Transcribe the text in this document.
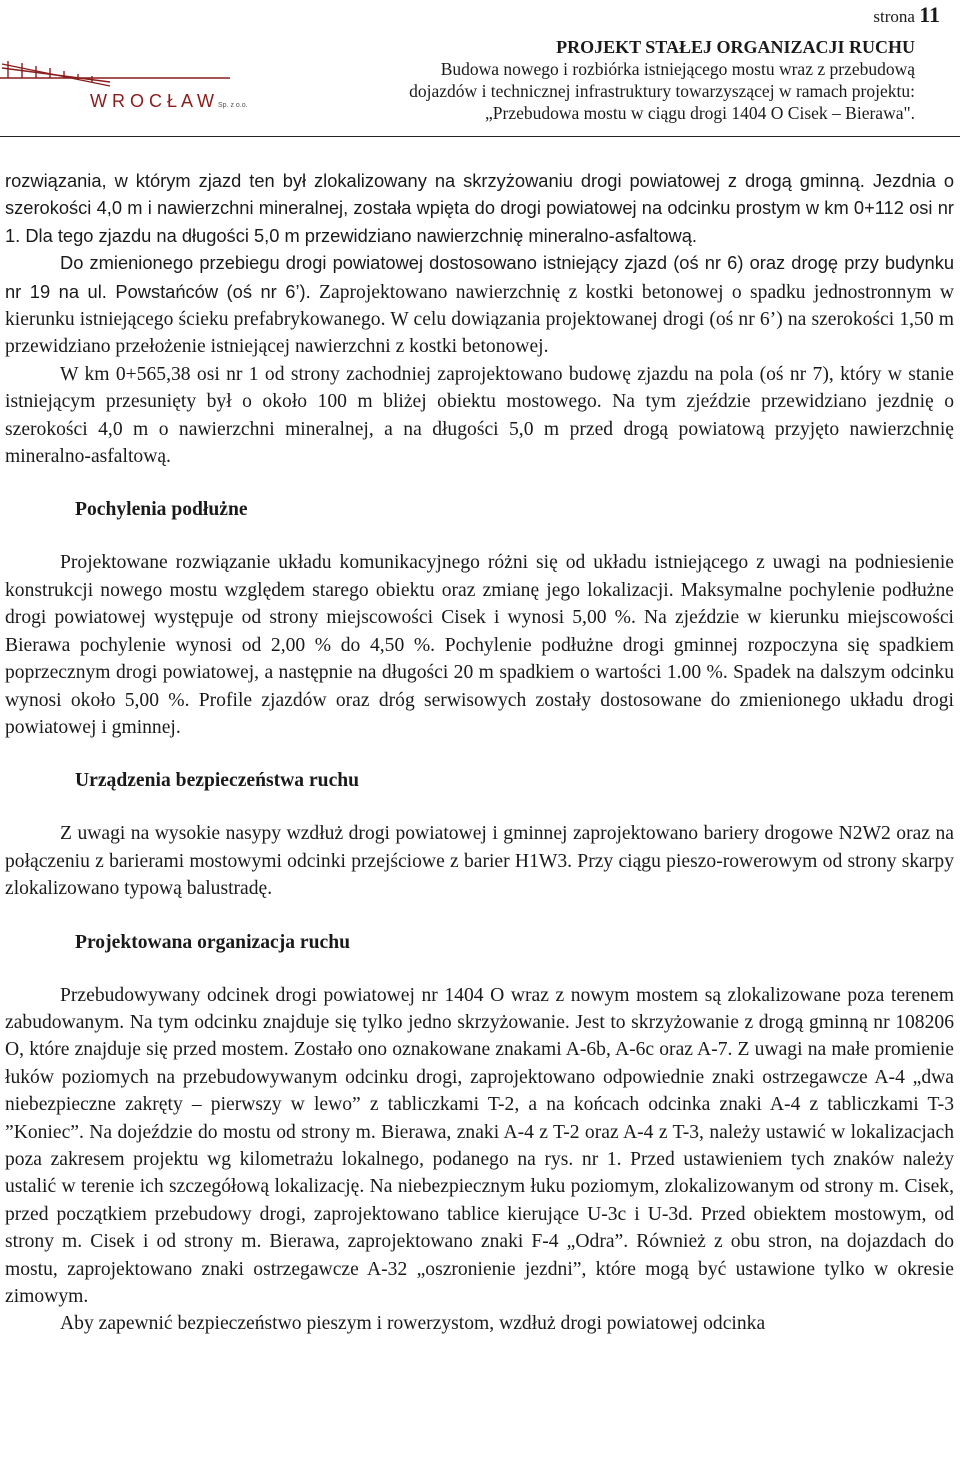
strona 11
W R O C Ł A W Sp. z o.o.
PROJEKT STAŁEJ ORGANIZACJI RUCHU
Budowa nowego i rozbiórka istniejącego mostu wraz z przebudową
dojazdów i technicznej infrastruktury towarzyszącej w ramach projektu:
„Przebudowa mostu w ciągu drogi 1404 O Cisek – Bierawa".

rozwiązania, w którym zjazd ten był zlokalizowany na skrzyżowaniu drogi powiatowej z drogą gminną. Jezdnia o szerokości 4,0 m i nawierzchni mineralnej, została wpięta do drogi powiatowej na odcinku prostym w km 0+112 osi nr 1. Dla tego zjazdu na długości 5,0 m przewidziano nawierzchnię mineralno-asfaltową.

Do zmienionego przebiegu drogi powiatowej dostosowano istniejący zjazd (oś nr 6) oraz drogę przy budynku nr 19 na ul. Powstańców (oś nr 6’). Zaprojektowano nawierzchnię z kostki betonowej o spadku jednostronnym w kierunku istniejącego ścieku prefabrykowanego. W celu dowiązania projektowanej drogi (oś nr 6’) na szerokości 1,50 m przewidziano przełożenie istniejącej nawierzchni z kostki betonowej.

W km 0+565,38 osi nr 1 od strony zachodniej zaprojektowano budowę zjazdu na pola (oś nr 7), który w stanie istniejącym przesunięty był o około 100 m bliżej obiektu mostowego. Na tym zjeździe przewidziano jezdnię o szerokości 4,0 m o nawierzchni mineralnej, a na długości 5,0 m przed drogą powiatową przyjęto nawierzchnię mineralno-asfaltową.

Pochylenia podłużne

Projektowane rozwiązanie układu komunikacyjnego różni się od układu istniejącego z uwagi na podniesienie konstrukcji nowego mostu względem starego obiektu oraz zmianę jego lokalizacji. Maksymalne pochylenie podłużne drogi powiatowej występuje od strony miejscowości Cisek i wynosi 5,00 %. Na zjeździe w kierunku miejscowości Bierawa pochylenie wynosi od 2,00 % do 4,50 %. Pochylenie podłużne drogi gminnej rozpoczyna się spadkiem poprzecznym drogi powiatowej, a następnie na długości 20 m spadkiem o wartości 1.00 %. Spadek na dalszym odcinku wynosi około 5,00 %. Profile zjazdów oraz dróg serwisowych zostały dostosowane do zmienionego układu drogi powiatowej i gminnej.

Urządzenia bezpieczeństwa ruchu

Z uwagi na wysokie nasypy wzdłuż drogi powiatowej i gminnej zaprojektowano bariery drogowe N2W2 oraz na połączeniu z barierami mostowymi odcinki przejściowe z barier H1W3. Przy ciągu pieszo-rowerowym od strony skarpy zlokalizowano typową balustradę.

Projektowana organizacja ruchu

Przebudowywany odcinek drogi powiatowej nr 1404 O wraz z nowym mostem są zlokalizowane poza terenem zabudowanym. Na tym odcinku znajduje się tylko jedno skrzyżowanie. Jest to skrzyżowanie z drogą gminną nr 108206 O, które znajduje się przed mostem. Zostało ono oznakowane znakami A-6b, A-6c oraz A-7. Z uwagi na małe promienie łuków poziomych na przebudowywanym odcinku drogi, zaprojektowano odpowiednie znaki ostrzegawcze A-4 „dwa niebezpieczne zakręty – pierwszy w lewo” z tabliczkami T-2, a na końcach odcinka znaki A-4 z tabliczkami T-3 ”Koniec”. Na dojeździe do mostu od strony m. Bierawa, znaki A-4 z T-2 oraz A-4 z T-3, należy ustawić w lokalizacjach poza zakresem projektu wg kilometrażu lokalnego, podanego na rys. nr 1. Przed ustawieniem tych znaków należy ustalić w terenie ich szczegółową lokalizację. Na niebezpiecznym łuku poziomym, zlokalizowanym od strony m. Cisek, przed początkiem przebudowy drogi, zaprojektowano tablice kierujące U-3c i U-3d. Przed obiektem mostowym, od strony m. Cisek i od strony m. Bierawa, zaprojektowano znaki F-4 „Odra”. Również z obu stron, na dojazdach do mostu, zaprojektowano znaki ostrzegawcze A-32 „oszronienie jezdni”, które mogą być ustawione tylko w okresie zimowym.

Aby zapewnić bezpieczeństwo pieszym i rowerzystom, wzdłuż drogi powiatowej odcinka
